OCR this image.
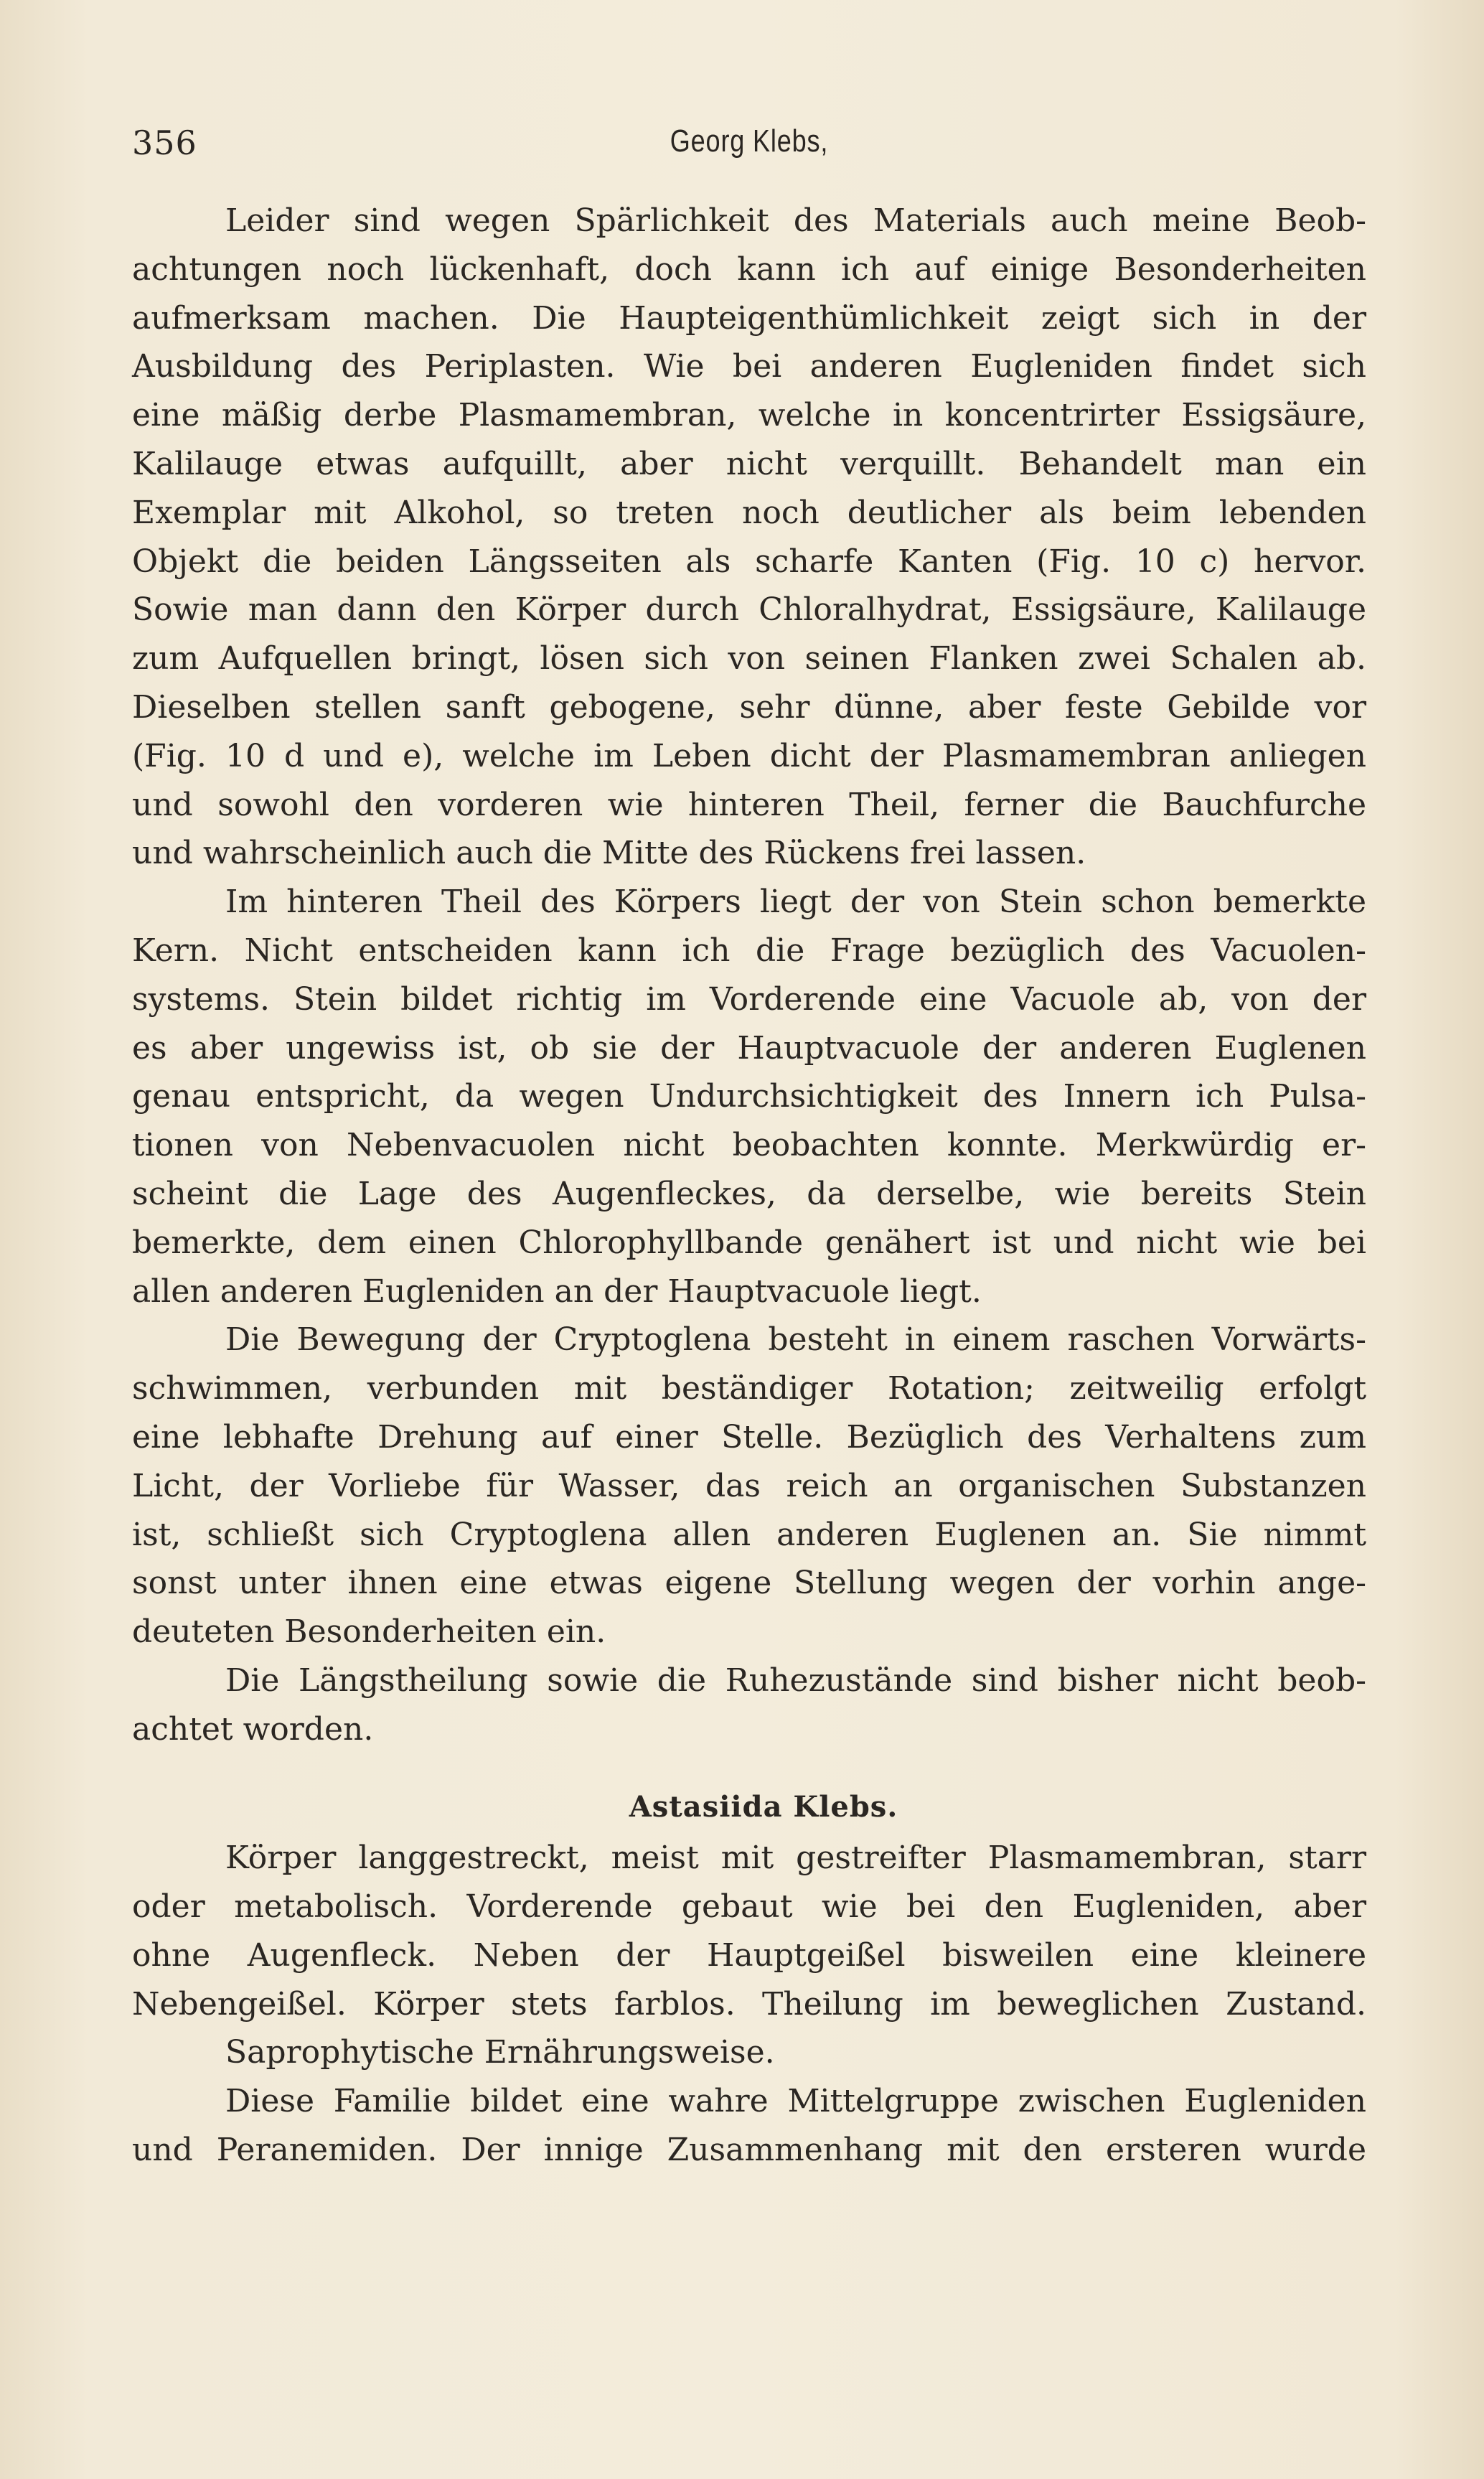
356	Georg Klebs,
Leider sind wegen Spärlichkeit des Materials auch meine Beob-
achtungen noch lückenhaft, doch kann ich auf einige Besonderheiten
aufmerksam machen. Die Haupteigenthümlichkeit zeigt sich in der
Ausbildung des Periplasten. Wie bei anderen Eugleniden findet sich
eine mäßig derbe Plasmamembran, welche in koncentrirter Essigsäure,
Kalilauge etwas aufquillt, aber nicht verquillt. Behandelt man ein
Exemplar mit Alkohol, so treten noch deutlicher als beim lebenden
Objekt die beiden Längsseiten als scharfe Kanten (Fig. 10 c) hervor.
Sowie man dann den Körper durch Chloralhydrat, Essigsäure, Kalilauge
zum Aufquellen bringt, lösen sich von seinen Flanken zwei Schalen ab.
Dieselben stellen sanft gebogene, sehr dünne, aber feste Gebilde vor
(Fig. 10 d und e), welche im Leben dicht der Plasmamembran anliegen
und sowohl den vorderen wie hinteren Theil, ferner die Bauchfurche
und wahrscheinlich auch die Mitte des Rückens frei lassen.
Im hinteren Theil des Körpers liegt der von Stein schon bemerkte
Kern. Nicht entscheiden kann ich die Frage bezüglich des Vacuolen-
systems. Stein bildet richtig im Vorderende eine Vacuole ab, von der
es aber ungewiss ist, ob sie der Hauptvacuole der anderen Euglenen
genau entspricht, da wegen Undurchsichtigkeit des Innern ich Pulsa-
tionen von Nebenvacuolen nicht beobachten konnte. Merkwürdig er-
scheint die Lage des Augenfleckes, da derselbe, wie bereits Stein
bemerkte, dem einen Chlorophyllbande genähert ist und nicht wie bei
allen anderen Eugleniden an der Hauptvacuole liegt.
Die Bewegung der Cryptoglena besteht in einem raschen Vorwärts-
schwimmen, verbunden mit beständiger Rotation; zeitweilig erfolgt
eine lebhafte Drehung auf einer Stelle. Bezüglich des Verhaltens zum
Licht, der Vorliebe für Wasser, das reich an organischen Substanzen
ist, schließt sich Cryptoglena allen anderen Euglenen an. Sie nimmt
sonst unter ihnen eine etwas eigene Stellung wegen der vorhin ange-
deuteten Besonderheiten ein.
Die Längstheilung sowie die Ruhezustände sind bisher nicht beob-
achtet worden.
Astasiida Klebs.
Körper langgestreckt, meist mit gestreifter Plasmamembran, starr
oder metabolisch. Vorderende gebaut wie bei den Eugleniden, aber
ohne Augenfleck. Neben der Hauptgeißel bisweilen eine kleinere
Nebengeißel. Körper stets farblos. Theilung im beweglichen Zustand.
Saprophytische Ernährungsweise.
Diese Familie bildet eine wahre Mittelgruppe zwischen Eugleniden
und Peranemiden. Der innige Zusammenhang mit den ersteren wurde
